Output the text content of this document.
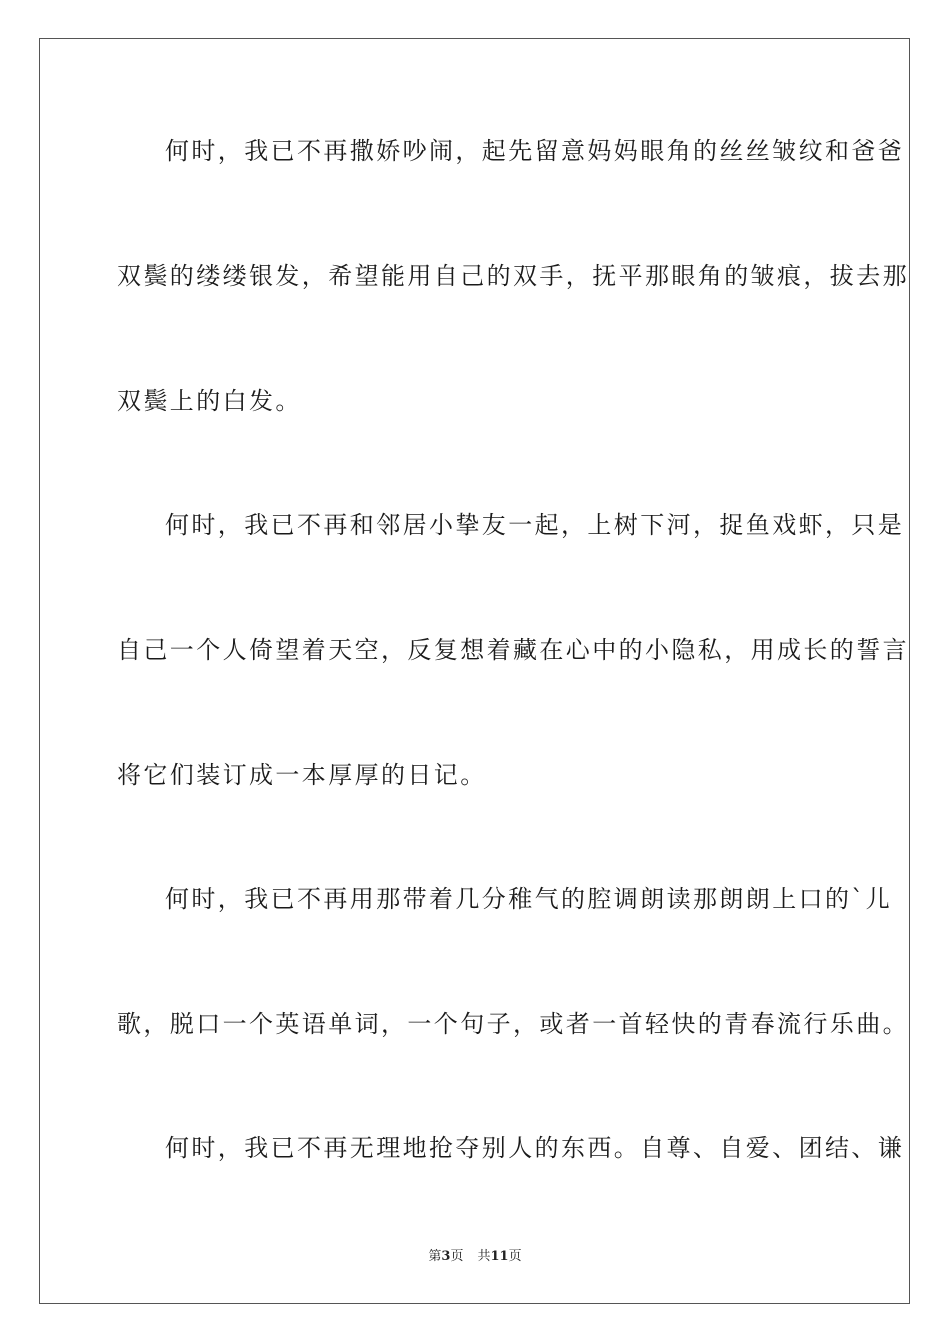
何时，我已不再撒娇吵闹，起先留意妈妈眼角的丝丝皱纹和爸爸
双鬓的缕缕银发，希望能用自己的双手，抚平那眼角的皱痕，拔去那
双鬓上的白发。
何时，我已不再和邻居小挚友一起，上树下河，捉鱼戏虾，只是
自己一个人倚望着天空，反复想着藏在心中的小隐私，用成长的誓言
将它们装订成一本厚厚的日记。
何时，我已不再用那带着几分稚气的腔调朗读那朗朗上口的`儿
歌，脱口一个英语单词，一个句子，或者一首轻快的青春流行乐曲。
何时，我已不再无理地抢夺别人的东西。自尊、自爱、团结、谦
第3页 共11页
